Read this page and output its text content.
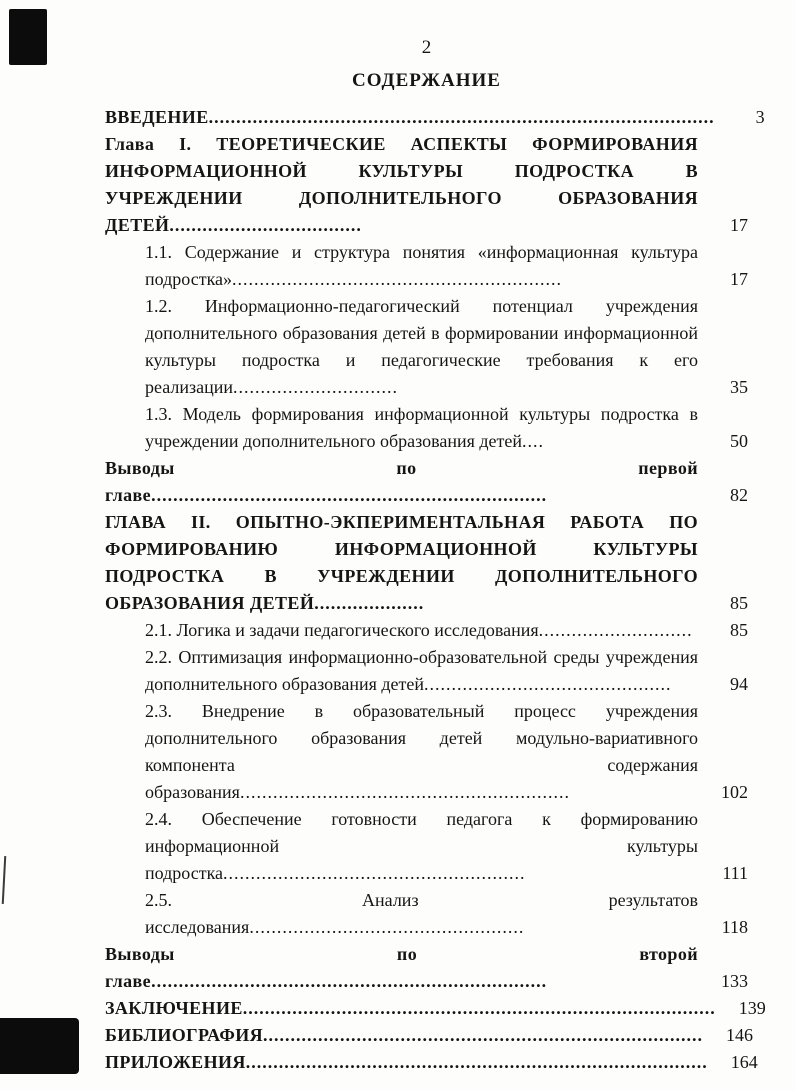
2
СОДЕРЖАНИЕ
ВВЕДЕНИЕ............................................................................................	3
Глава I. ТЕОРЕТИЧЕСКИЕ АСПЕКТЫ ФОРМИРОВАНИЯ ИНФОРМАЦИОННОЙ КУЛЬТУРЫ ПОДРОСТКА В УЧРЕЖДЕНИИ ДОПОЛНИТЕЛЬНОГО ОБРАЗОВАНИЯ ДЕТЕЙ...................................	17
1.1. Содержание и структура понятия «информационная культура подростка»............................................................	17
1.2. Информационно-педагогический потенциал учреждения дополнительного образования детей в формировании информационной культуры подростка и педагогические требования к его реализации..............................	35
1.3. Модель формирования информационной культуры подростка в учреждении дополнительного образования детей....	50
Выводы по первой главе........................................................................	82
ГЛАВА II. ОПЫТНО-ЭКПЕРИМЕНТАЛЬНАЯ РАБОТА ПО ФОРМИРОВАНИЮ ИНФОРМАЦИОННОЙ КУЛЬТУРЫ ПОДРОСТКА В УЧРЕЖДЕНИИ ДОПОЛНИТЕЛЬНОГО ОБРАЗОВАНИЯ ДЕТЕЙ....................	85
2.1. Логика и задачи педагогического исследования............................	85
2.2. Оптимизация информационно-образовательной среды учреждения дополнительного образования детей.............................................	94
2.3. Внедрение в образовательный процесс учреждения дополнительного образования детей модульно-вариативного компонента содержания образования............................................................	102
2.4. Обеспечение готовности педагога к формированию информационной культуры подростка.......................................................	111
2.5. Анализ результатов исследования..................................................	118
Выводы по второй главе........................................................................	133
ЗАКЛЮЧЕНИЕ......................................................................................	139
БИБЛИОГРАФИЯ................................................................................	146
ПРИЛОЖЕНИЯ....................................................................................	164
